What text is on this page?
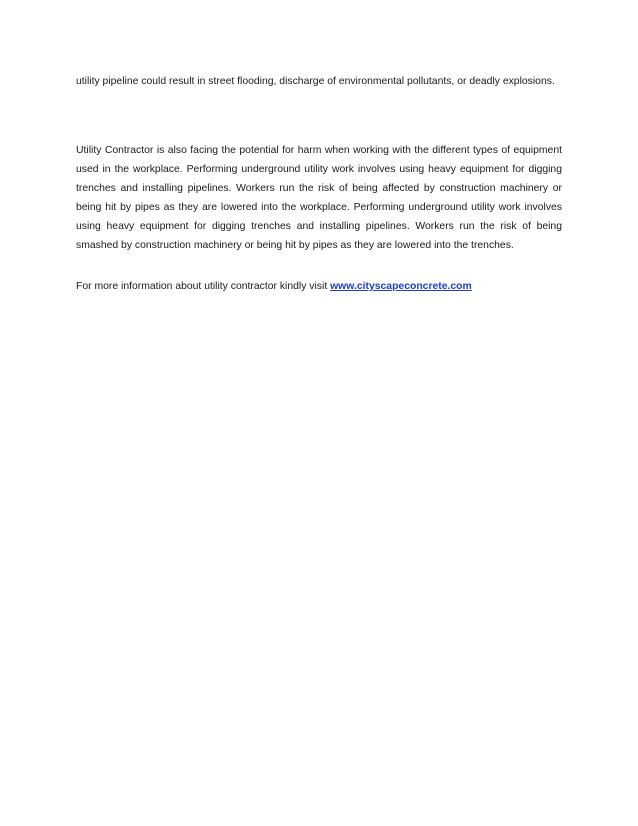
utility pipeline could result in street flooding, discharge of environmental pollutants, or deadly explosions.

Utility Contractor is also facing the potential for harm when working with the different types of equipment used in the workplace. Performing underground utility work involves using heavy equipment for digging trenches and installing pipelines. Workers run the risk of being affected by construction machinery or being hit by pipes as they are lowered into the workplace. Performing underground utility work involves using heavy equipment for digging trenches and installing pipelines. Workers run the risk of being smashed by construction machinery or being hit by pipes as they are lowered into the trenches.

For more information about utility contractor kindly visit www.cityscapeconcrete.com
